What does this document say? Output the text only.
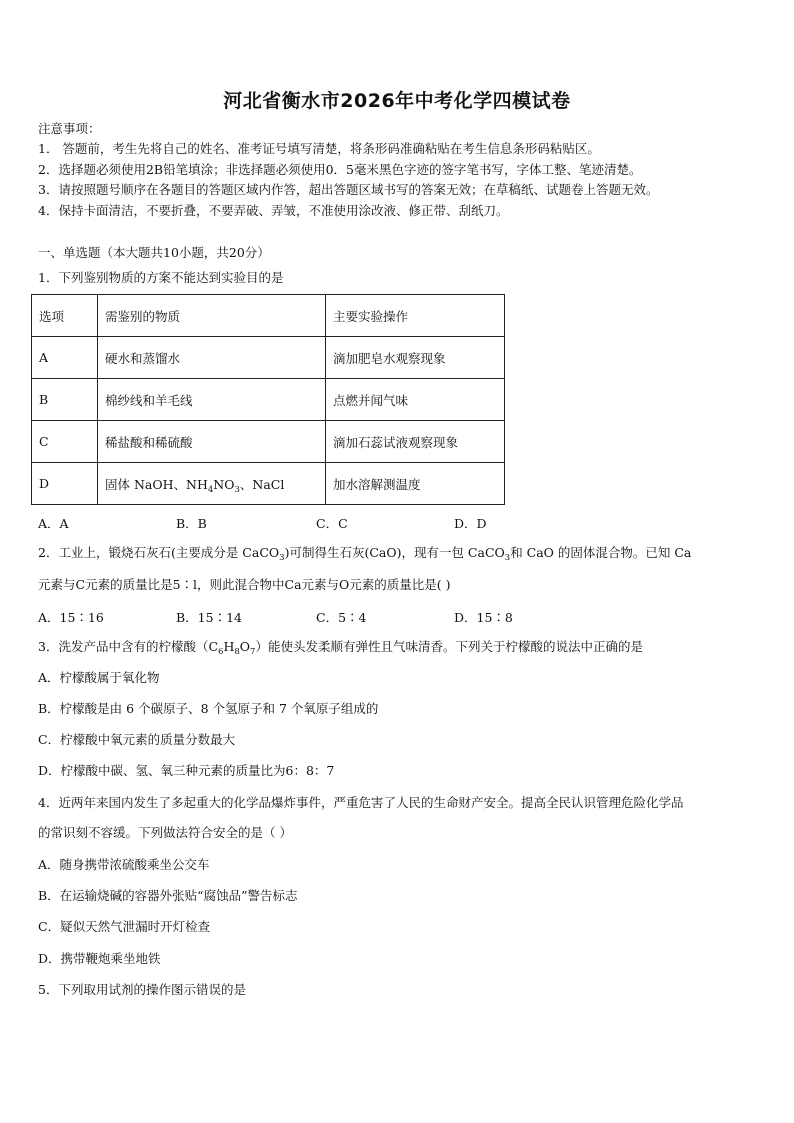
河北省衡水市2026年中考化学四模试卷
注意事项：
1． 答题前，考生先将自己的姓名、准考证号填写清楚，将条形码准确粘贴在考生信息条形码粘贴区。
2．选择题必须使用2B铅笔填涂；非选择题必须使用0．5毫米黑色字迹的签字笔书写，字体工整、笔迹清楚。
3．请按照题号顺序在各题目的答题区域内作答，超出答题区域书写的答案无效；在草稿纸、试题卷上答题无效。
4．保持卡面清洁，不要折叠，不要弄破、弄皱，不准使用涂改液、修正带、刮纸刀。
一、单选题（本大题共10小题，共20分）
1．下列鉴别物质的方案不能达到实验目的是
选项	需鉴别的物质	主要实验操作
A	硬水和蒸馏水	滴加肥皂水观察现象
B	棉纱线和羊毛线	点燃并闻气味
C	稀盐酸和稀硫酸	滴加石蕊试液观察现象
D	固体 NaOH、$NH_4NO_3$、NaCl	加水溶解测温度
A．A	B．B	C．C	D．D
2．工业上，锻烧石灰石(主要成分是 CaCO$_3$)可制得生石灰(CaO)，现有一包 CaCO$_3$和 CaO 的固体混合物。已知 Ca
元素与C元素的质量比是5∶l，则此混合物中Ca元素与O元素的质量比是( )
A．15∶16	B．15∶14	C．5∶4	D．15∶8
3．洗发产品中含有的柠檬酸$(C_6H_8O_7)$能使头发柔顺有弹性且气味清香。下列关于柠檬酸的说法中正确的是
A．柠檬酸属于氧化物
B．柠檬酸是由 6 个碳原子、8 个氢原子和 7 个氧原子组成的
C．柠檬酸中氧元素的质量分数最大
D．柠檬酸中碳、氢、氧三种元素的质量比为6：8：7
4．近两年来国内发生了多起重大的化学品爆炸事件，严重危害了人民的生命财产安全。提高全民认识管理危险化学品
的常识刻不容缓。下列做法符合安全的是（ ）
A．随身携带浓硫酸乘坐公交车
B．在运输烧碱的容器外张贴“腐蚀品”警告标志
C．疑似天然气泄漏时开灯检查
D．携带鞭炮乘坐地铁
5．下列取用试剂的操作图示错误的是
